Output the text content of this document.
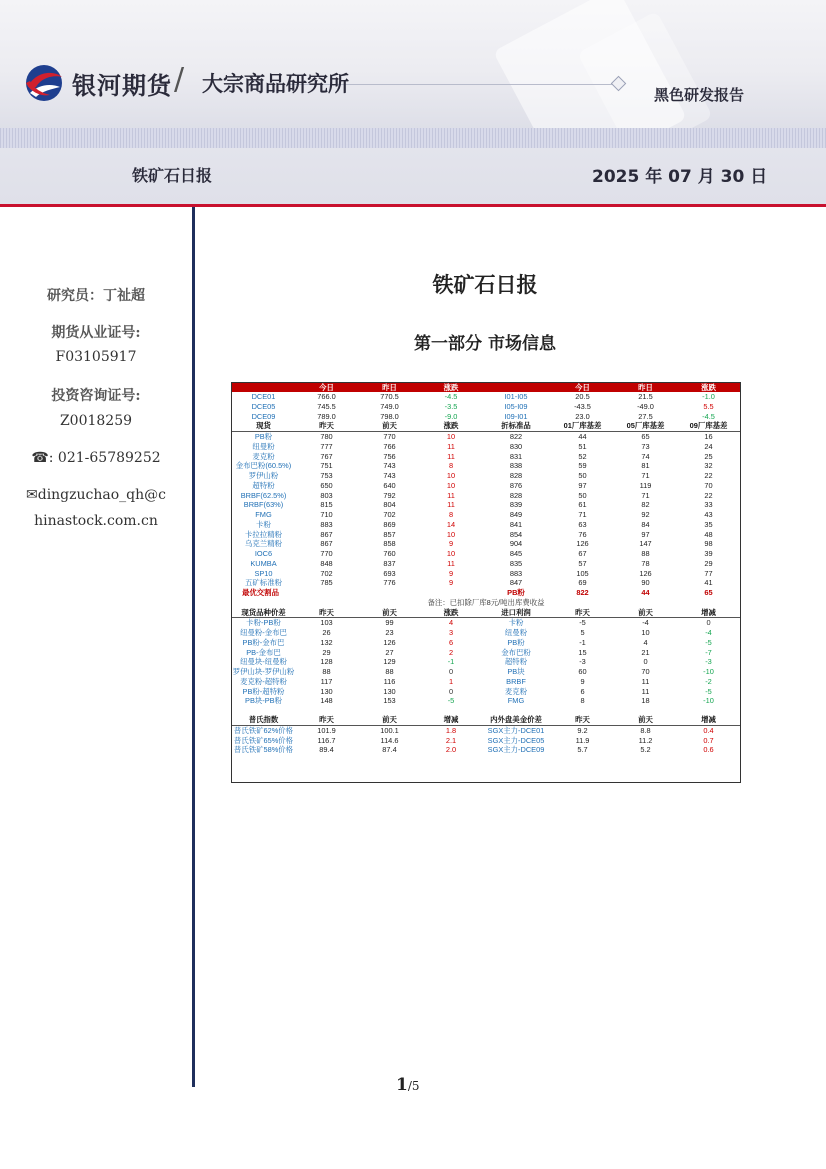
银河期货 / 大宗商品研究所	黑色研发报告
铁矿石日报	2025 年 07 月 30 日
研究员：丁祉超
期货从业证号:
F03105917
投资咨询证号:
Z0018259
☎: 021-65789252
✉dingzuchao_qh@c
hinastock.com.cn
铁矿石日报
第一部分 市场信息
	今日	昨日	涨跌		今日	昨日	涨跌	
DCE01	766.0	770.5	-4.5	I01-I05	20.5	21.5	-1.0	
DCE05	745.5	749.0	-3.5	I05-I09	-43.5	-49.0	5.5	
DCE09	789.0	798.0	-9.0	I09-I01	23.0	27.5	-4.5	
现货	昨天	前天	涨跌	折标准品	01厂库基差	05厂库基差	09厂库基差	
PB粉	780	770	10	822	44	65	16	
纽曼粉	777	766	11	830	51	73	24	
麦克粉	767	756	11	831	52	74	25	
金布巴粉(60.5%)	751	743	8	838	59	81	32	
罗伊山粉	753	743	10	828	50	71	22	
超特粉	650	640	10	876	97	119	70	
BRBF(62.5%)	803	792	11	828	50	71	22	
BRBF(63%)	815	804	11	839	61	82	33	
FMG	710	702	8	849	71	92	43	
卡粉	883	869	14	841	63	84	35	
卡拉拉精粉	867	857	10	854	76	97	48	
乌克兰精粉	867	858	9	904	126	147	98	
IOC6	770	760	10	845	67	88	39	
KUMBA	848	837	11	835	57	78	29	
SP10	702	693	9	883	105	126	77	
五矿标准粉	785	776	9	847	69	90	41	
最优交割品				PB粉	822	44	65	
备注：已扣除厂库8元/吨出库费收益								
现货品种价差	昨天	前天	涨跌	进口利润	昨天	前天	增减	
卡粉-PB粉	103	99	4	卡粉	-5	-4	0	
纽曼粉-金布巴	26	23	3	纽曼粉	5	10	-4	
PB粉-金布巴	132	126	6	PB粉	-1	4	-5	
PB-金布巴	29	27	2	金布巴粉	15	21	-7	
纽曼块-纽曼粉	128	129	-1	超特粉	-3	0	-3	
罗伊山块-罗伊山粉	88	88	0	PB块	60	70	-10	
麦克粉-超特粉	117	116	1	BRBF	9	11	-2	
PB粉-超特粉	130	130	0	麦克粉	6	11	-5	
PB块-PB粉	148	153	-5	FMG	8	18	-10	

普氏指数	昨天	前天	增减	内外盘美金价差	昨天	前天	增减	
普氏铁矿62%价格	101.9	100.1	1.8	SGX主力-DCE01	9.2	8.8	0.4	
普氏铁矿65%价格	116.7	114.6	2.1	SGX主力-DCE05	11.9	11.2	0.7	
普氏铁矿58%价格	89.4	87.4	2.0	SGX主力-DCE09	5.7	5.2	0.6	
1/5
